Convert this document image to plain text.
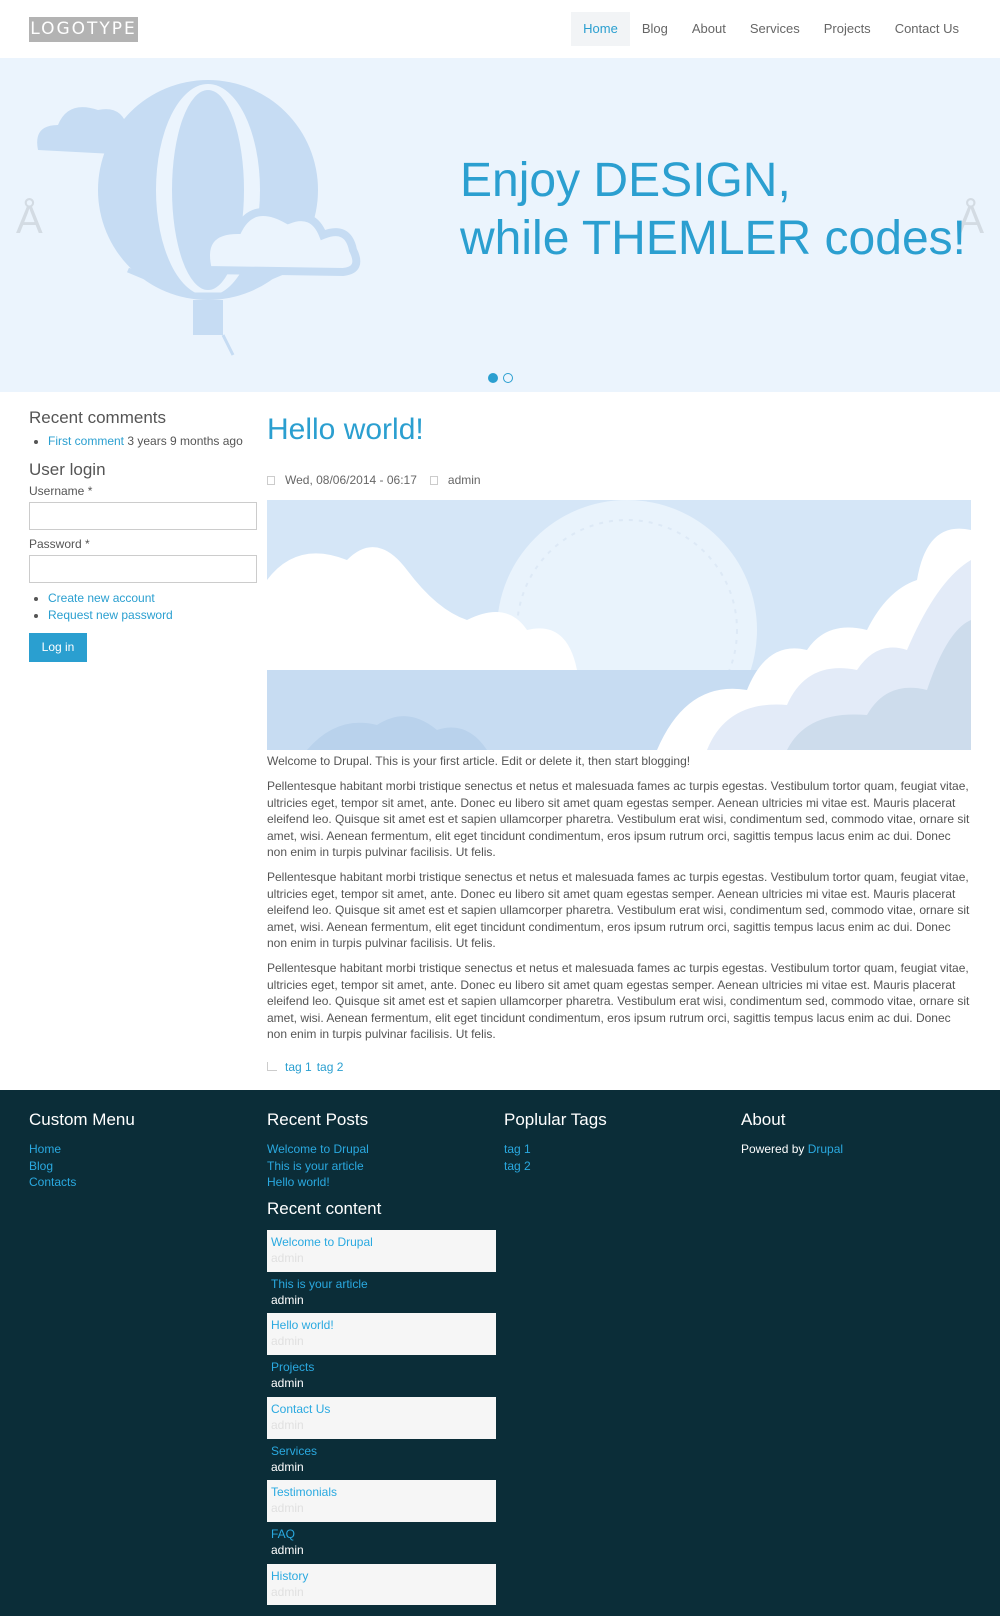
LOGOTYPE	Home	Blog	About	Services	Projects	Contact Us
Å	Å
Enjoy DESIGN,
while THEMLER codes!
Recent comments
• First comment 3 years 9 months ago
User login
Username *
Password *
• Create new account
• Request new password
Log in
Hello world!
Wed, 08/06/2014 - 06:17	admin

Welcome to Drupal. This is your first article. Edit or delete it, then start blogging!

Pellentesque habitant morbi tristique senectus et netus et malesuada fames ac turpis egestas. Vestibulum tortor quam, feugiat vitae, ultricies eget, tempor sit amet, ante. Donec eu libero sit amet quam egestas semper. Aenean ultricies mi vitae est. Mauris placerat eleifend leo. Quisque sit amet est et sapien ullamcorper pharetra. Vestibulum erat wisi, condimentum sed, commodo vitae, ornare sit amet, wisi. Aenean fermentum, elit eget tincidunt condimentum, eros ipsum rutrum orci, sagittis tempus lacus enim ac dui. Donec non enim in turpis pulvinar facilisis. Ut felis.

Pellentesque habitant morbi tristique senectus et netus et malesuada fames ac turpis egestas. Vestibulum tortor quam, feugiat vitae, ultricies eget, tempor sit amet, ante. Donec eu libero sit amet quam egestas semper. Aenean ultricies mi vitae est. Mauris placerat eleifend leo. Quisque sit amet est et sapien ullamcorper pharetra. Vestibulum erat wisi, condimentum sed, commodo vitae, ornare sit amet, wisi. Aenean fermentum, elit eget tincidunt condimentum, eros ipsum rutrum orci, sagittis tempus lacus enim ac dui. Donec non enim in turpis pulvinar facilisis. Ut felis.

Pellentesque habitant morbi tristique senectus et netus et malesuada fames ac turpis egestas. Vestibulum tortor quam, feugiat vitae, ultricies eget, tempor sit amet, ante. Donec eu libero sit amet quam egestas semper. Aenean ultricies mi vitae est. Mauris placerat eleifend leo. Quisque sit amet est et sapien ullamcorper pharetra. Vestibulum erat wisi, condimentum sed, commodo vitae, ornare sit amet, wisi. Aenean fermentum, elit eget tincidunt condimentum, eros ipsum rutrum orci, sagittis tempus lacus enim ac dui. Donec non enim in turpis pulvinar facilisis. Ut felis.

tag 1 tag 2
Custom Menu
Home
Blog
Contacts
Recent Posts
Welcome to Drupal
This is your article
Hello world!
Recent content
Welcome to Drupal
admin
This is your article
admin
Hello world!
admin
Projects
admin
Contact Us
admin
Services
admin
Testimonials
admin
FAQ
admin
History
admin
Poplular Tags
tag 1
tag 2
About
Powered by Drupal
